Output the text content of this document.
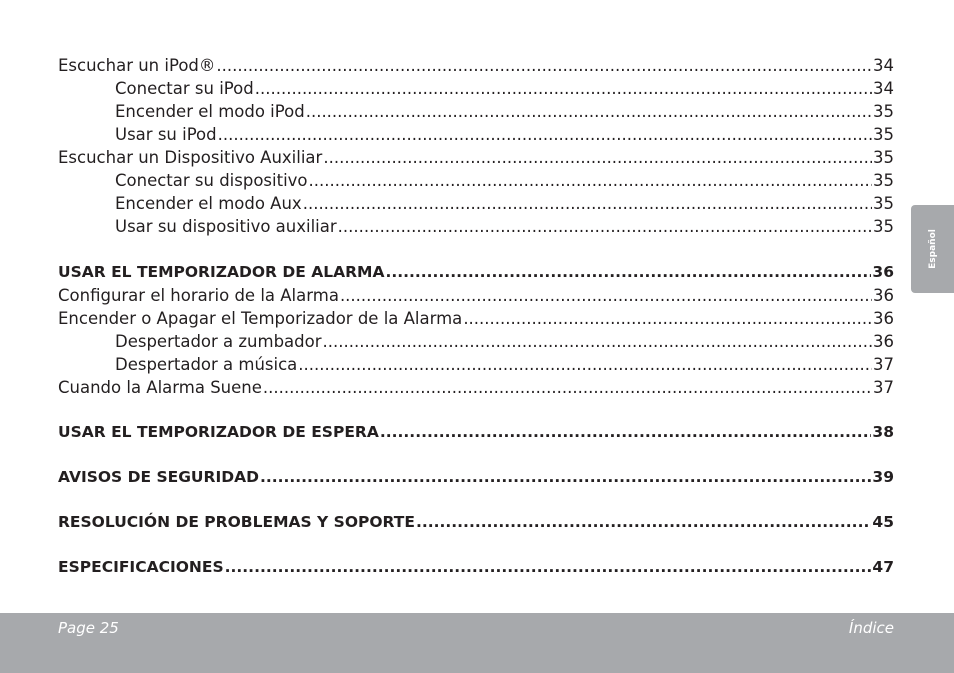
Escuchar un iPod® .....	34
Conectar su iPod .....	34
Encender el modo iPod .....	35
Usar su iPod .....	35
Escuchar un Dispositivo Auxiliar .....	35
Conectar su dispositivo .....	35
Encender el modo Aux .....	35
Usar su dispositivo auxiliar .....	35
USAR EL TEMPORIZADOR DE ALARMA .....	36
Configurar el horario de la Alarma .....	36
Encender o Apagar el Temporizador de la Alarma .....	36
Despertador a zumbador .....	36
Despertador a música .....	37
Cuando la Alarma Suene .....	37
USAR EL TEMPORIZADOR DE ESPERA .....	38
AVISOS DE SEGURIDAD .....	39
RESOLUCIÓN DE PROBLEMAS Y SOPORTE .....	45
ESPECIFICACIONES .....	47
Español
Page 25	Índice
